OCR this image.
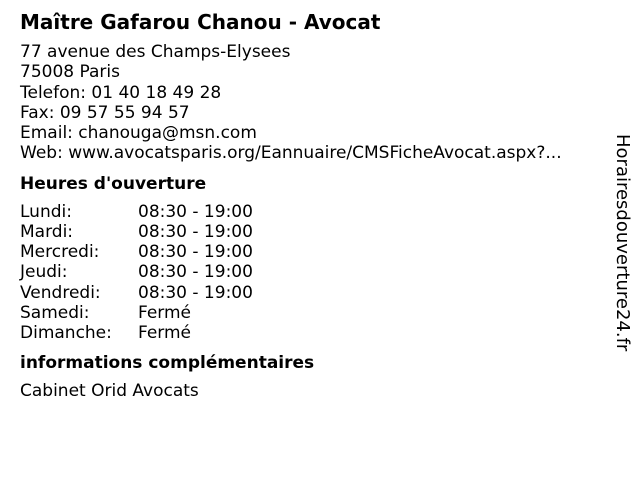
Maître Gafarou Chanou - Avocat
77 avenue des Champs-Elysees
75008 Paris
Telefon: 01 40 18 49 28
Fax: 09 57 55 94 57
Email: chanouga@msn.com
Web: www.avocatsparis.org/Eannuaire/CMSFicheAvocat.aspx?...
Heures d'ouverture
Lundi:	08:30 - 19:00
Mardi:	08:30 - 19:00
Mercredi:	08:30 - 19:00
Jeudi:	08:30 - 19:00
Vendredi:	08:30 - 19:00
Samedi:	Fermé
Dimanche:	Fermé
informations complémentaires
Cabinet Orid Avocats
Horairesdouverture24.fr
